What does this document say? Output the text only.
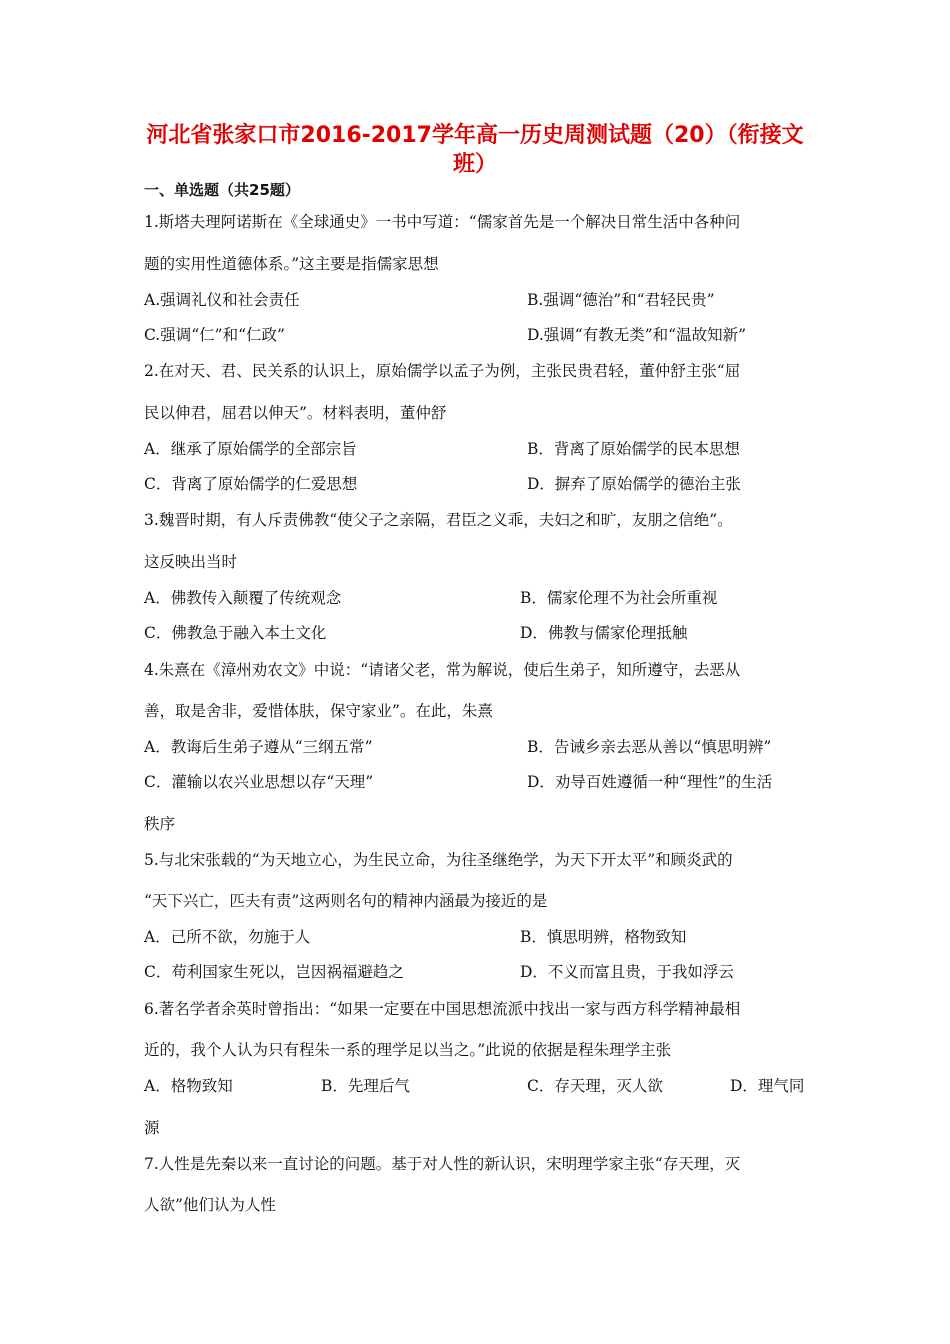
河北省张家口市2016-2017学年高一历史周测试题（20）（衔接文
班）
一、单选题（共25题）
1.斯塔夫理阿诺斯在《全球通史》一书中写道：“儒家首先是一个解决日常生活中各种问
题的实用性道德体系。”这主要是指儒家思想
A.强调礼仪和社会责任	B.强调“德治”和“君轻民贵”
C.强调“仁”和“仁政”	D.强调“有教无类”和“温故知新”
2.在对天、君、民关系的认识上，原始儒学以孟子为例，主张民贵君轻，董仲舒主张“屈
民以伸君，屈君以伸天”。材料表明，董仲舒
A．继承了原始儒学的全部宗旨	B．背离了原始儒学的民本思想
C．背离了原始儒学的仁爱思想	D．摒弃了原始儒学的德治主张
3.魏晋时期，有人斥责佛教“使父子之亲隔，君臣之义乖，夫妇之和旷，友朋之信绝”。
这反映出当时
A．佛教传入颠覆了传统观念	B．儒家伦理不为社会所重视
C．佛教急于融入本土文化	D．佛教与儒家伦理抵触
4.朱熹在《漳州劝农文》中说：“请诸父老，常为解说，使后生弟子，知所遵守，去恶从
善，取是舍非，爱惜体肤，保守家业”。在此，朱熹
A．教诲后生弟子遵从“三纲五常”	B．告诫乡亲去恶从善以“慎思明辨”
C．灌输以农兴业思想以存“天理”	D．劝导百姓遵循一种“理性”的生活
秩序
5.与北宋张载的“为天地立心，为生民立命，为往圣继绝学，为天下开太平”和顾炎武的
“天下兴亡，匹夫有责”这两则名句的精神内涵最为接近的是
A．己所不欲，勿施于人	B．慎思明辨，格物致知
C．苟利国家生死以，岂因祸福避趋之	D．不义而富且贵，于我如浮云
6.著名学者余英时曾指出：“如果一定要在中国思想流派中找出一家与西方科学精神最相
近的，我个人认为只有程朱一系的理学足以当之。”此说的依据是程朱理学主张
A．格物致知	B．先理后气	C．存天理，灭人欲	D．理气同
源
7.人性是先秦以来一直讨论的问题。基于对人性的新认识，宋明理学家主张“存天理，灭
人欲”他们认为人性
